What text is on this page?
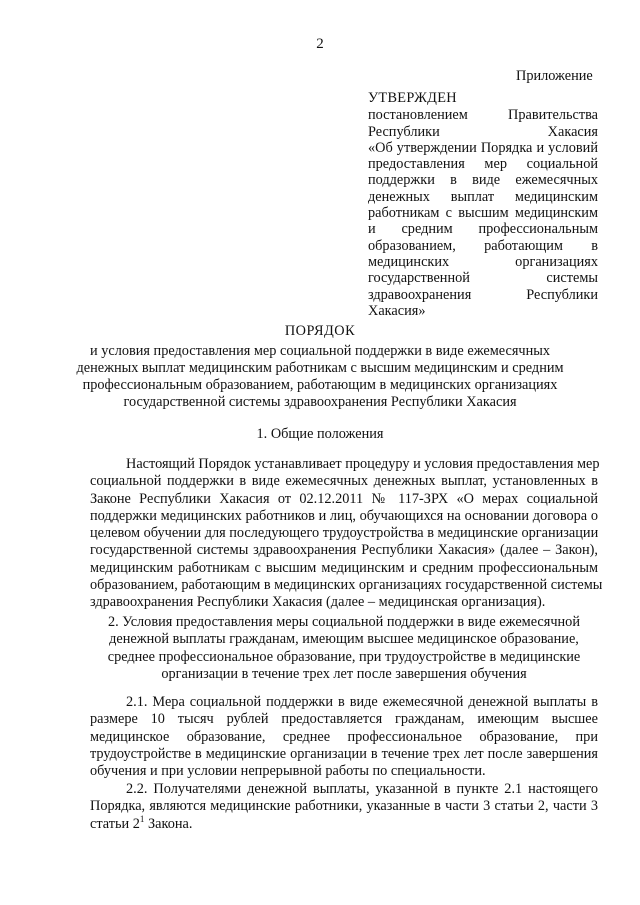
2
Приложение
УТВЕРЖДЕН
постановлением Правительства
Республики Хакасия
«Об утверждении Порядка и условий
предоставления мер социальной
поддержки в виде ежемесячных
денежных выплат медицинским
работникам с высшим медицинским
и средним профессиональным
образованием, работающим в
медицинских организациях
государственной системы
здравоохранения Республики
Хакасия»
ПОРЯДОК
и условия предоставления мер социальной поддержки в виде ежемесячных
денежных выплат медицинским работникам с высшим медицинским и средним
профессиональным образованием, работающим в медицинских организациях
государственной системы здравоохранения Республики Хакасия
1. Общие положения
Настоящий Порядок устанавливает процедуру и условия предоставления мер
социальной поддержки в виде ежемесячных денежных выплат, установленных в
Законе Республики Хакасия от 02.12.2011 № 117-ЗРХ «О мерах социальной
поддержки медицинских работников и лиц, обучающихся на основании договора о
целевом обучении для последующего трудоустройства в медицинские организации
государственной системы здравоохранения Республики Хакасия» (далее – Закон),
медицинским работникам с высшим медицинским и средним профессиональным
образованием, работающим в медицинских организациях государственной системы
здравоохранения Республики Хакасия (далее – медицинская организация).
2. Условия предоставления меры социальной поддержки в виде ежемесячной
денежной выплаты гражданам, имеющим высшее медицинское образование,
среднее профессиональное образование, при трудоустройстве в медицинские
организации в течение трех лет после завершения обучения
2.1. Мера социальной поддержки в виде ежемесячной денежной выплаты в
размере 10 тысяч рублей предоставляется гражданам, имеющим высшее
медицинское образование, среднее профессиональное образование, при
трудоустройстве в медицинские организации в течение трех лет после завершения
обучения и при условии непрерывной работы по специальности.
2.2. Получателями денежной выплаты, указанной в пункте 2.1 настоящего
Порядка, являются медицинские работники, указанные в части 3 статьи 2, части 3
статьи $2^1$ Закона.
